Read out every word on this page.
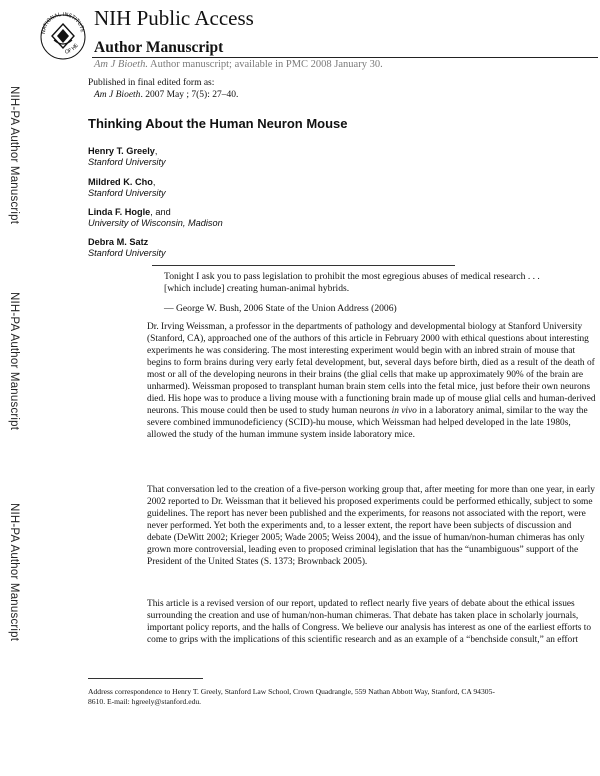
NATIONAL INSTITUTE
OF HE
NIH Public Access
Author Manuscript
Am J Bioeth. Author manuscript; available in PMC 2008 January 30.
NIH-PA Author Manuscript
NIH-PA Author Manuscript
NIH-PA Author Manuscript
Published in final edited form as:
Am J Bioeth. 2007 May ; 7(5): 27–40.
Thinking About the Human Neuron Mouse
Henry T. Greely,
Stanford University
Mildred K. Cho,
Stanford University
Linda F. Hogle, and
University of Wisconsin, Madison
Debra M. Satz
Stanford University
Tonight I ask you to pass legislation to prohibit the most egregious abuses of medical research . . . [which include] creating human-animal hybrids.
— George W. Bush, 2006 State of the Union Address (2006)

Dr. Irving Weissman, a professor in the departments of pathology and developmental biology at Stanford University (Stanford, CA), approached one of the authors of this article in February 2000 with ethical questions about interesting experiments he was considering. The most interesting experiment would begin with an inbred strain of mouse that begins to form brains during very early fetal development, but, several days before birth, died as a result of the death of most or all of the developing neurons in their brains (the glial cells that make up approximately 90% of the brain are unharmed). Weissman proposed to transplant human brain stem cells into the fetal mice, just before their own neurons died. His hope was to produce a living mouse with a functioning brain made up of mouse glial cells and human-derived neurons. This mouse could then be used to study human neurons in vivo in a laboratory animal, similar to the way the severe combined immunodeficiency (SCID)-hu mouse, which Weissman had helped developed in the late 1980s, allowed the study of the human immune system inside laboratory mice.

That conversation led to the creation of a five-person working group that, after meeting for more than one year, in early 2002 reported to Dr. Weissman that it believed his proposed experiments could be performed ethically, subject to some guidelines. The report has never been published and the experiments, for reasons not associated with the report, were never performed. Yet both the experiments and, to a lesser extent, the report have been subjects of discussion and debate (DeWitt 2002; Krieger 2005; Wade 2005; Weiss 2004), and the issue of human/non-human chimeras has only grown more controversial, leading even to proposed criminal legislation that has the “unambiguous” support of the President of the United States (S. 1373; Brownback 2005).

This article is a revised version of our report, updated to reflect nearly five years of debate about the ethical issues surrounding the creation and use of human/non-human chimeras. That debate has taken place in scholarly journals, important policy reports, and the halls of Congress. We believe our analysis has interest as one of the earliest efforts to come to grips with the implications of this scientific research and as an example of a “benchside consult,” an effort

Address correspondence to Henry T. Greely, Stanford Law School, Crown Quadrangle, 559 Nathan Abbott Way, Stanford, CA 94305-8610. E-mail: hgreely@stanford.edu.
